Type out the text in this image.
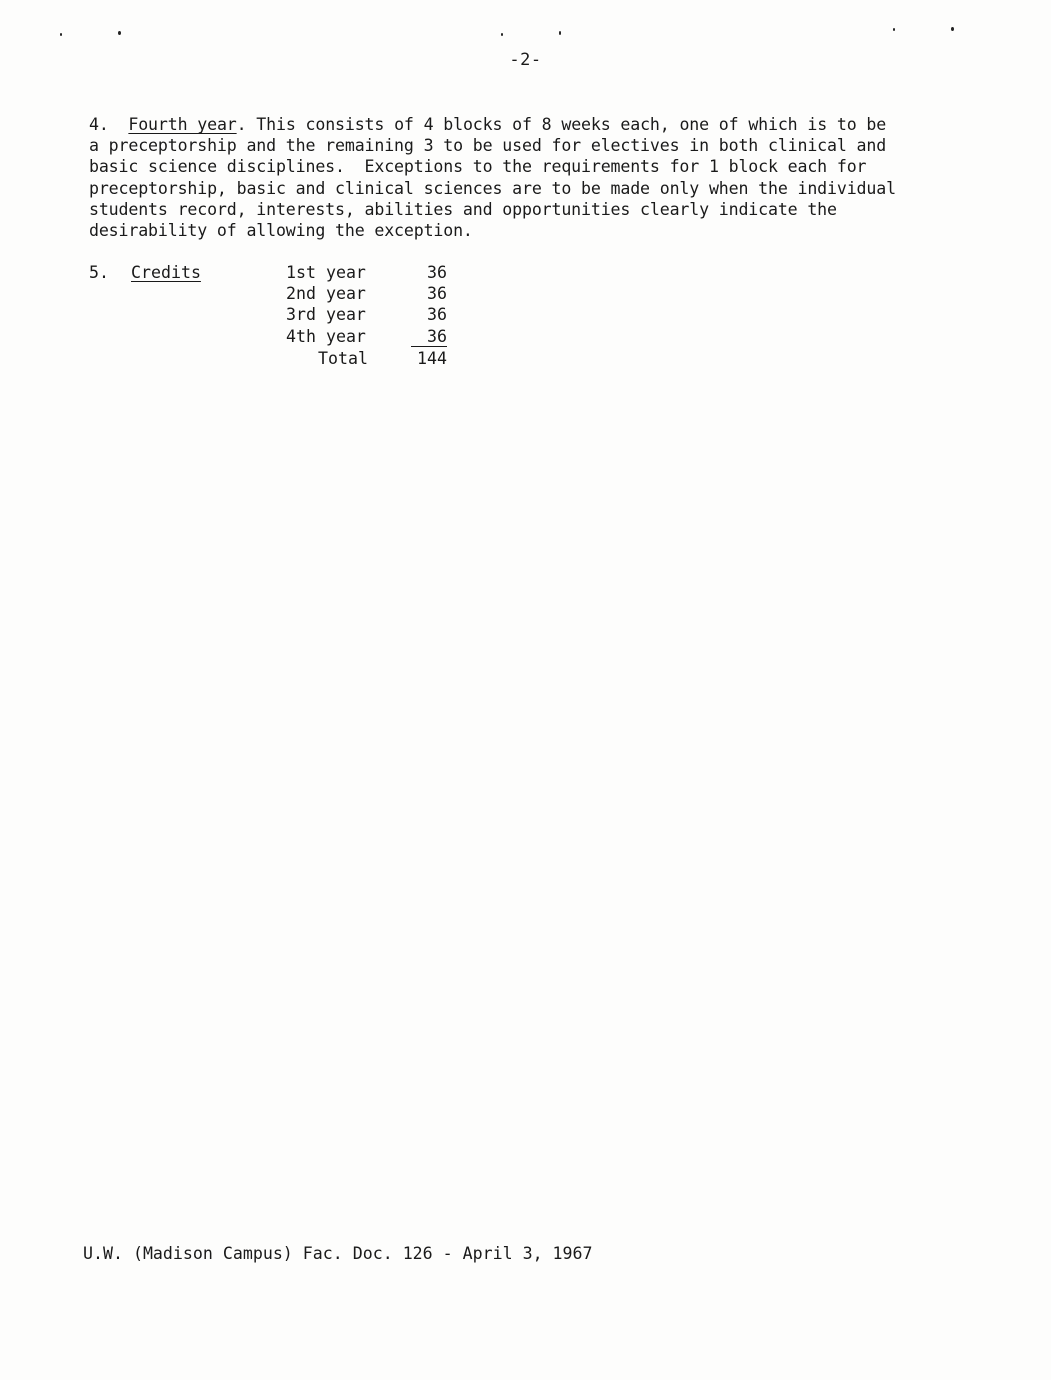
-2-
4. Fourth year. This consists of 4 blocks of 8 weeks each, one of which is to be
a preceptorship and the remaining 3 to be used for electives in both clinical and
basic science disciplines.  Exceptions to the requirements for 1 block each for
preceptorship, basic and clinical sciences are to be made only when the individual
students record, interests, abilities and opportunities clearly indicate the
desirability of allowing the exception.
5. Credits	1st year	36
2nd year	36
3rd year	36
4th year	36
Total	144
U.W. (Madison Campus) Fac. Doc. 126 - April 3, 1967
